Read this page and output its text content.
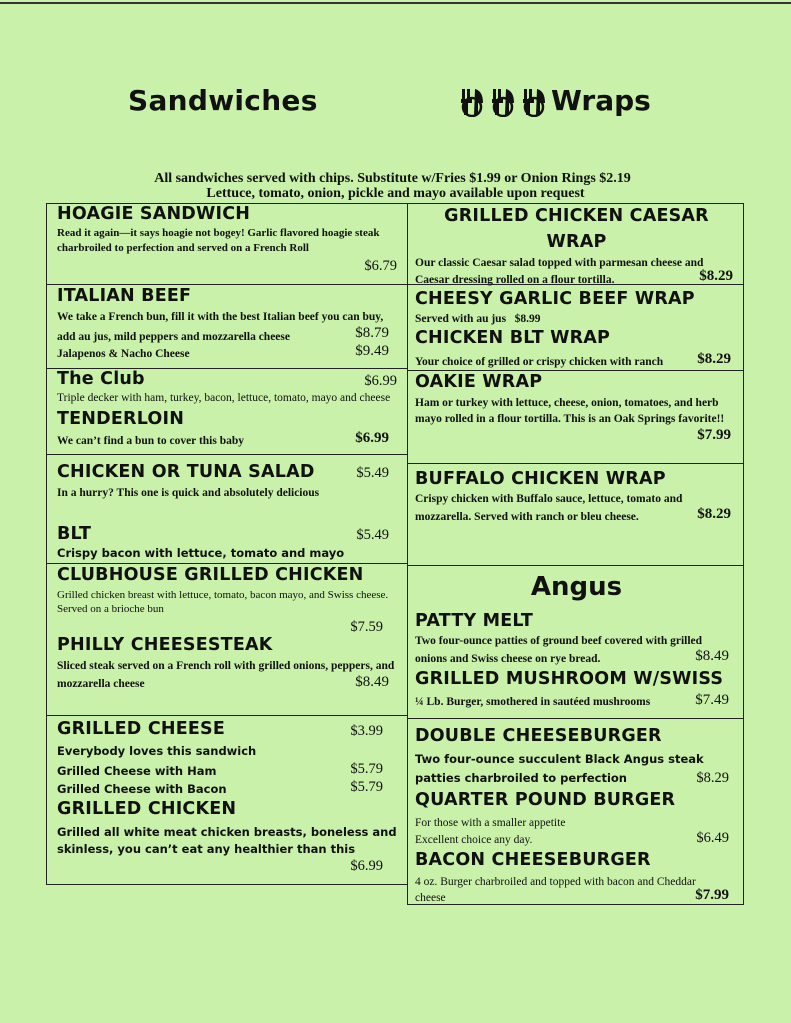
Sandwiches	Wraps
All sandwiches served with chips. Substitute w/Fries $1.99 or Onion Rings $2.19
Lettuce, tomato, onion, pickle and mayo available upon request
HOAGIE SANDWICH
Read it again—it says hoagie not bogey! Garlic flavored hoagie steak charbroiled to perfection and served on a French Roll
$6.79
ITALIAN BEEF
We take a French bun, fill it with the best Italian beef you can buy,
add au jus, mild peppers and mozzarella cheese	$8.79
Jalapenos & Nacho Cheese	$9.49
The Club	$6.99
Triple decker with ham, turkey, bacon, lettuce, tomato, mayo and cheese
TENDERLOIN
We can’t find a bun to cover this baby	$6.99
CHICKEN OR TUNA SALAD	$5.49
In a hurry? This one is quick and absolutely delicious
BLT	$5.49
Crispy bacon with lettuce, tomato and mayo
CLUBHOUSE GRILLED CHICKEN
Grilled chicken breast with lettuce, tomato, bacon mayo, and Swiss cheese. Served on a brioche bun
$7.59
PHILLY CHEESESTEAK
Sliced steak served on a French roll with grilled onions, peppers, and
mozzarella cheese	$8.49
GRILLED CHEESE	$3.99
Everybody loves this sandwich
Grilled Cheese with Ham	$5.79
Grilled Cheese with Bacon	$5.79
GRILLED CHICKEN
Grilled all white meat chicken breasts, boneless and
skinless, you can’t eat any healthier than this
$6.99
GRILLED CHICKEN CAESAR
WRAP
Our classic Caesar salad topped with parmesan cheese and
Caesar dressing rolled on a flour tortilla.	$8.29
CHEESY GARLIC BEEF WRAP
Served with au jus   $8.99
CHICKEN BLT WRAP
Your choice of grilled or crispy chicken with ranch $8.29
OAKIE WRAP
Ham or turkey with lettuce, cheese, onion, tomatoes, and herb
mayo rolled in a flour tortilla. This is an Oak Springs favorite!!
$7.99
BUFFALO CHICKEN WRAP
Crispy chicken with Buffalo sauce, lettuce, tomato and
mozzarella. Served with ranch or bleu cheese.	$8.29
Angus
PATTY MELT
Two four-ounce patties of ground beef covered with grilled
onions and Swiss cheese on rye bread.	$8.49
GRILLED MUSHROOM W/SWISS
¼ Lb. Burger, smothered in sautéed mushrooms	$7.49
DOUBLE CHEESEBURGER
Two four-ounce succulent Black Angus steak
patties charbroiled to perfection	$8.29
QUARTER POUND BURGER
For those with a smaller appetite
Excellent choice any day.	$6.49
BACON CHEESEBURGER
4 oz. Burger charbroiled and topped with bacon and Cheddar
cheese	$7.99
